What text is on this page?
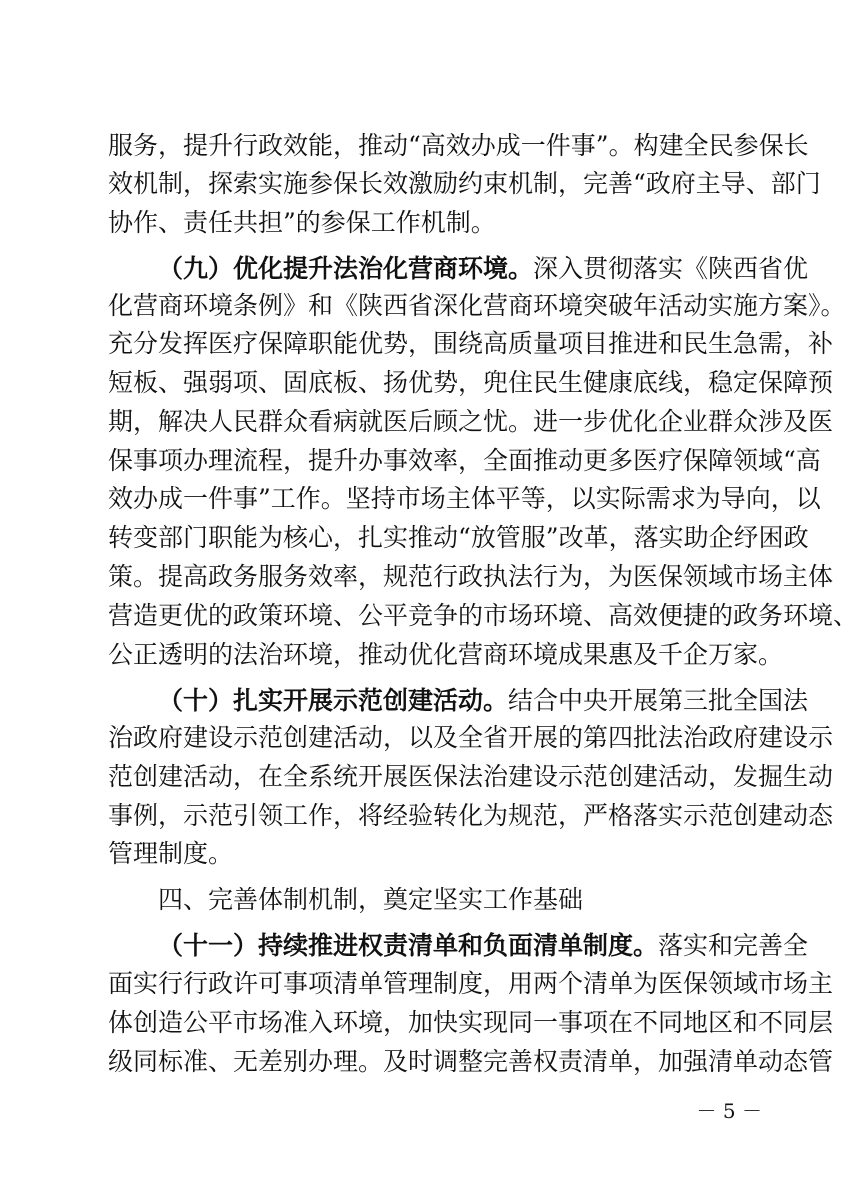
服务，提升行政效能，推动“高效办成一件事”。构建全民参保长
效机制，探索实施参保长效激励约束机制，完善“政府主导、部门
协作、责任共担”的参保工作机制。
（九）优化提升法治化营商环境。深入贯彻落实《陕西省优
化营商环境条例》和《陕西省深化营商环境突破年活动实施方案》。
充分发挥医疗保障职能优势，围绕高质量项目推进和民生急需，补
短板、强弱项、固底板、扬优势，兜住民生健康底线，稳定保障预
期，解决人民群众看病就医后顾之忧。进一步优化企业群众涉及医
保事项办理流程，提升办事效率，全面推动更多医疗保障领域“高
效办成一件事”工作。坚持市场主体平等，以实际需求为导向，以
转变部门职能为核心，扎实推动“放管服”改革，落实助企纾困政
策。提高政务服务效率，规范行政执法行为，为医保领域市场主体
营造更优的政策环境、公平竞争的市场环境、高效便捷的政务环境、
公正透明的法治环境，推动优化营商环境成果惠及千企万家。
（十）扎实开展示范创建活动。结合中央开展第三批全国法
治政府建设示范创建活动，以及全省开展的第四批法治政府建设示
范创建活动，在全系统开展医保法治建设示范创建活动，发掘生动
事例，示范引领工作，将经验转化为规范，严格落实示范创建动态
管理制度。
四、完善体制机制，奠定坚实工作基础
（十一）持续推进权责清单和负面清单制度。落实和完善全
面实行行政许可事项清单管理制度，用两个清单为医保领域市场主
体创造公平市场准入环境，加快实现同一事项在不同地区和不同层
级同标准、无差别办理。及时调整完善权责清单，加强清单动态管
－ 5 －
